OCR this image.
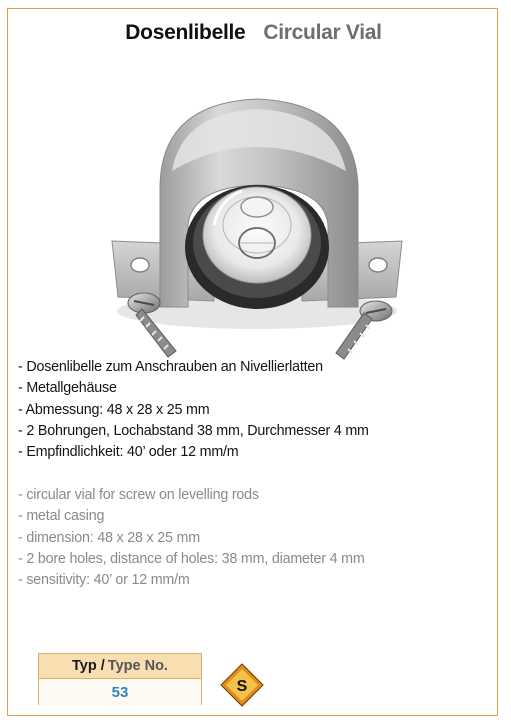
Dosenlibelle Circular Vial
- Dosenlibelle zum Anschrauben an Nivellierlatten
- Metallgehäuse
- Abmessung: 48 x 28 x 25 mm
- 2 Bohrungen, Lochabstand 38 mm, Durchmesser 4 mm
- Empfindlichkeit: 40’ oder 12 mm/m
- circular vial for screw on levelling rods
- metal casing
- dimension: 48 x 28 x 25 mm
- 2 bore holes, distance of holes: 38 mm, diameter 4 mm
- sensitivity: 40’ or 12 mm/m
Typ / Type No.
53	S
